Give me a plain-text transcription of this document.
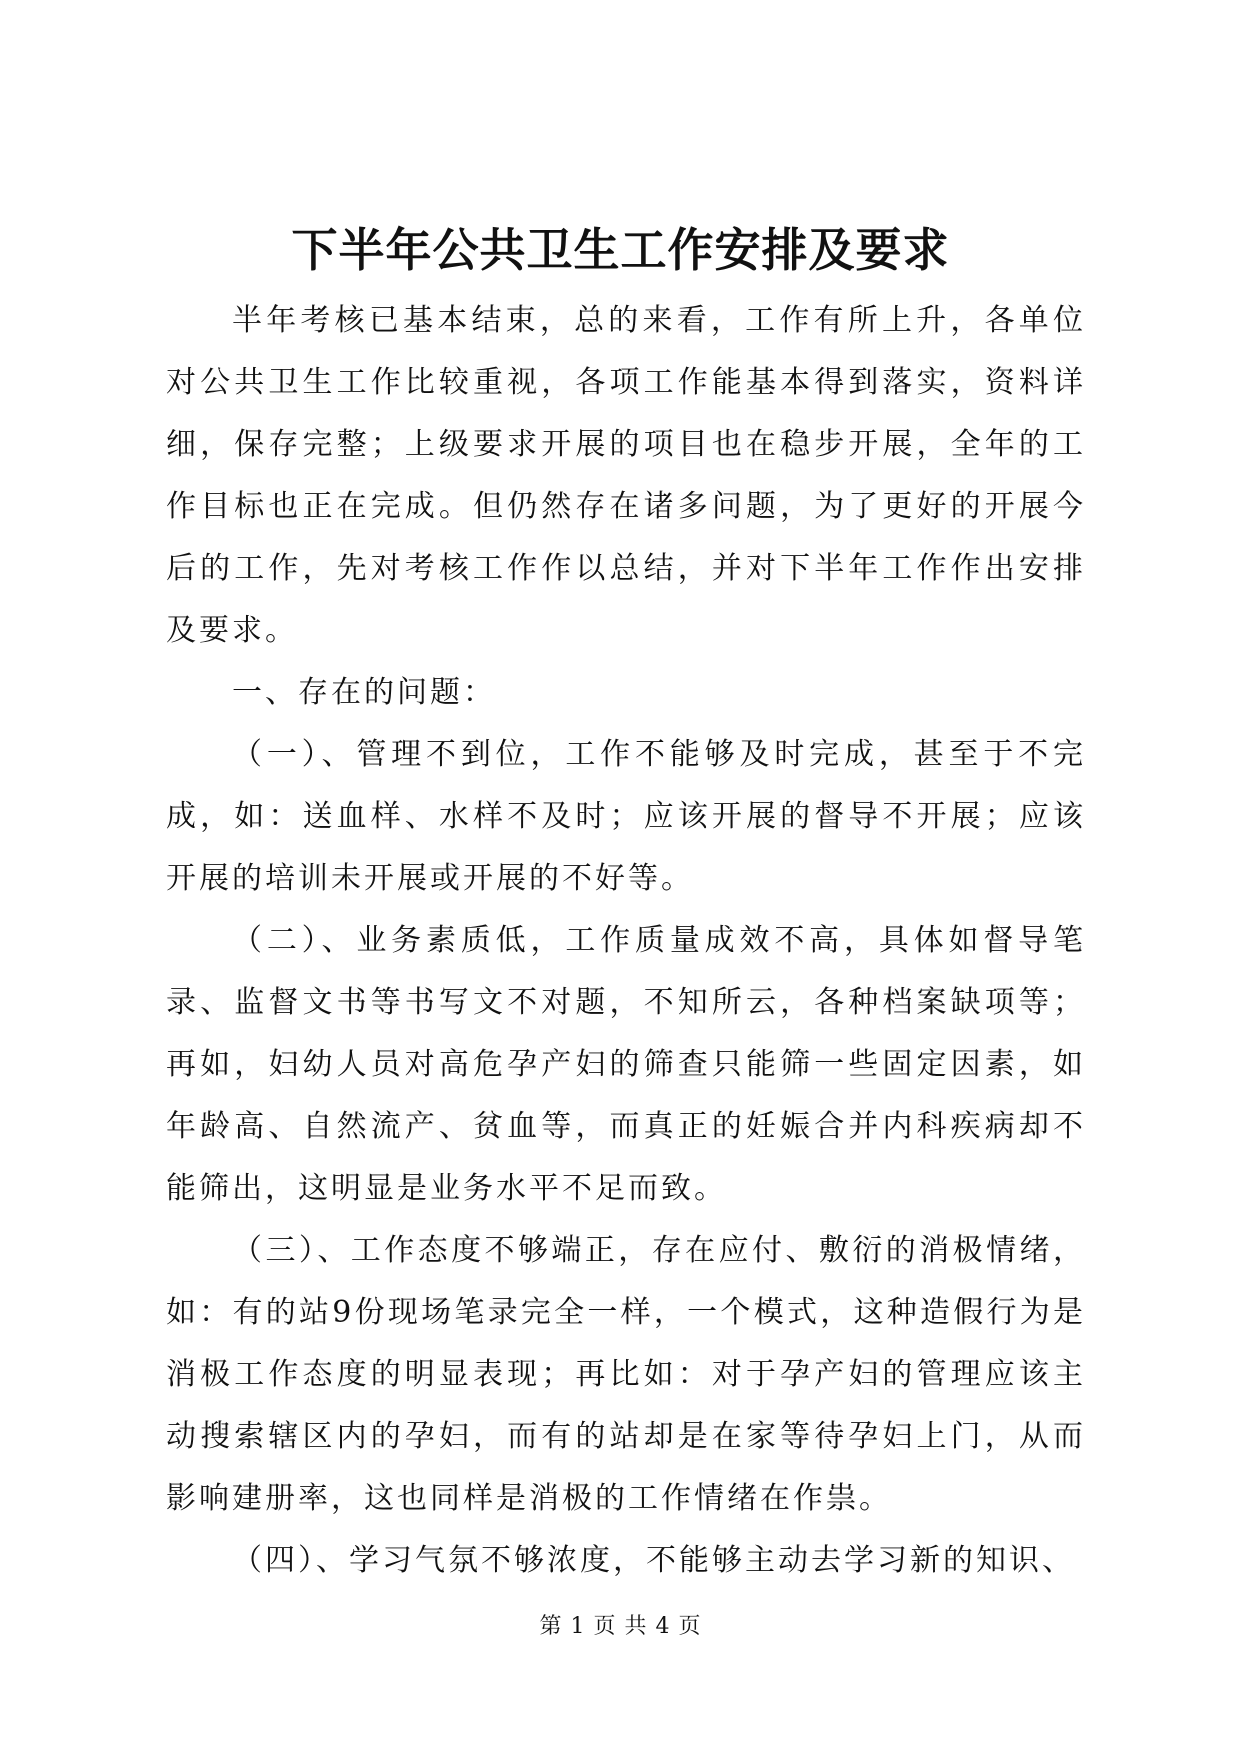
下半年公共卫生工作安排及要求

半年考核已基本结束，总的来看，工作有所上升，各单位对公共卫生工作比较重视，各项工作能基本得到落实，资料详细，保存完整；上级要求开展的项目也在稳步开展，全年的工作目标也正在完成。但仍然存在诸多问题，为了更好的开展今后的工作，先对考核工作作以总结，并对下半年工作作出安排及要求。

一、存在的问题：

（一）、管理不到位，工作不能够及时完成，甚至于不完成，如：送血样、水样不及时；应该开展的督导不开展；应该开展的培训未开展或开展的不好等。

（二）、业务素质低，工作质量成效不高，具体如督导笔录、监督文书等书写文不对题，不知所云，各种档案缺项等；再如，妇幼人员对高危孕产妇的筛查只能筛一些固定因素，如年龄高、自然流产、贫血等，而真正的妊娠合并内科疾病却不能筛出，这明显是业务水平不足而致。

（三）、工作态度不够端正，存在应付、敷衍的消极情绪，如：有的站9份现场笔录完全一样，一个模式，这种造假行为是消极工作态度的明显表现；再比如：对于孕产妇的管理应该主动搜索辖区内的孕妇，而有的站却是在家等待孕妇上门，从而影响建册率，这也同样是消极的工作情绪在作祟。

（四）、学习气氛不够浓度，不能够主动去学习新的知识、

第 1 页 共 4 页
